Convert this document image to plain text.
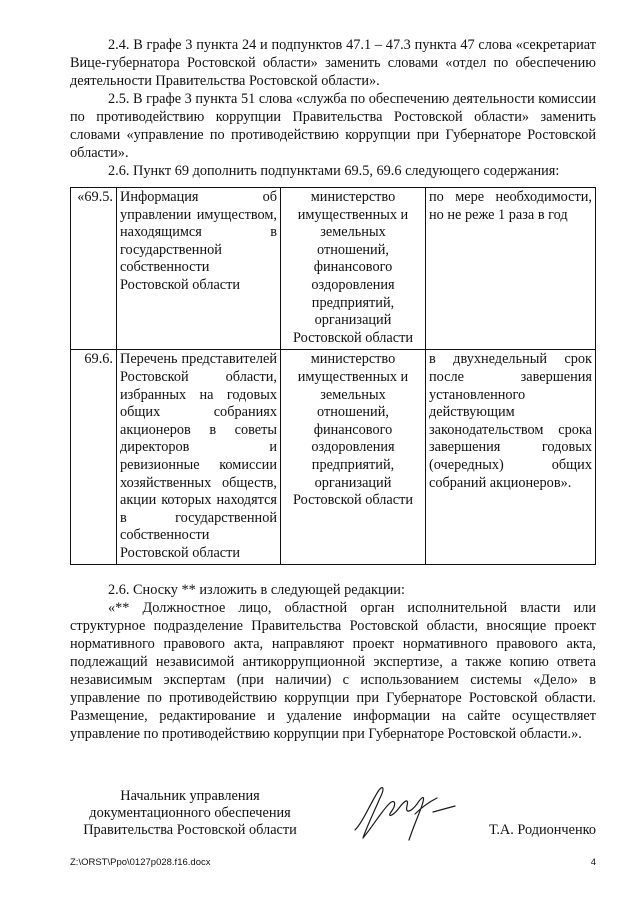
2.4. В графе 3 пункта 24 и подпунктов 47.1 – 47.3 пункта 47 слова «секретариат Вице-губернатора Ростовской области» заменить словами «отдел по обеспечению деятельности Правительства Ростовской области».

2.5. В графе 3 пункта 51 слова «служба по обеспечению деятельности комиссии по противодействию коррупции Правительства Ростовской области» заменить словами «управление по противодействию коррупции при Губернаторе Ростовской области».

2.6. Пункт 69 дополнить подпунктами 69.5, 69.6 следующего содержания:

«69.5.	Информация об управлении имуществом, находящимся в государственной собственности Ростовской области	министерство имущественных и земельных отношений, финансового оздоровления предприятий, организаций Ростовской области	по мере необходимости, но не реже 1 раза в год
69.6.	Перечень представителей Ростовской области, избранных на годовых общих собраниях акционеров в советы директоров и ревизионные комиссии хозяйственных обществ, акции которых находятся в государственной собственности Ростовской области	министерство имущественных и земельных отношений, финансового оздоровления предприятий, организаций Ростовской области	в двухнедельный срок после завершения установленного действующим законодательством срока завершения годовых (очередных) общих собраний акционеров».

2.6. Сноску ** изложить в следующей редакции:

«** Должностное лицо, областной орган исполнительной власти или структурное подразделение Правительства Ростовской области, вносящие проект нормативного правового акта, направляют проект нормативного правового акта, подлежащий независимой антикоррупционной экспертизе, а также копию ответа независимым экспертам (при наличии) с использованием системы «Дело» в управление по противодействию коррупции при Губернаторе Ростовской области. Размещение, редактирование и удаление информации на сайте осуществляет управление по противодействию коррупции при Губернаторе Ростовской области.».

Начальник управления
документационного обеспечения
Правительства Ростовской области	Т.А. Родионченко
Z:\ORST\Ppo\0127p028.f16.docx	4
